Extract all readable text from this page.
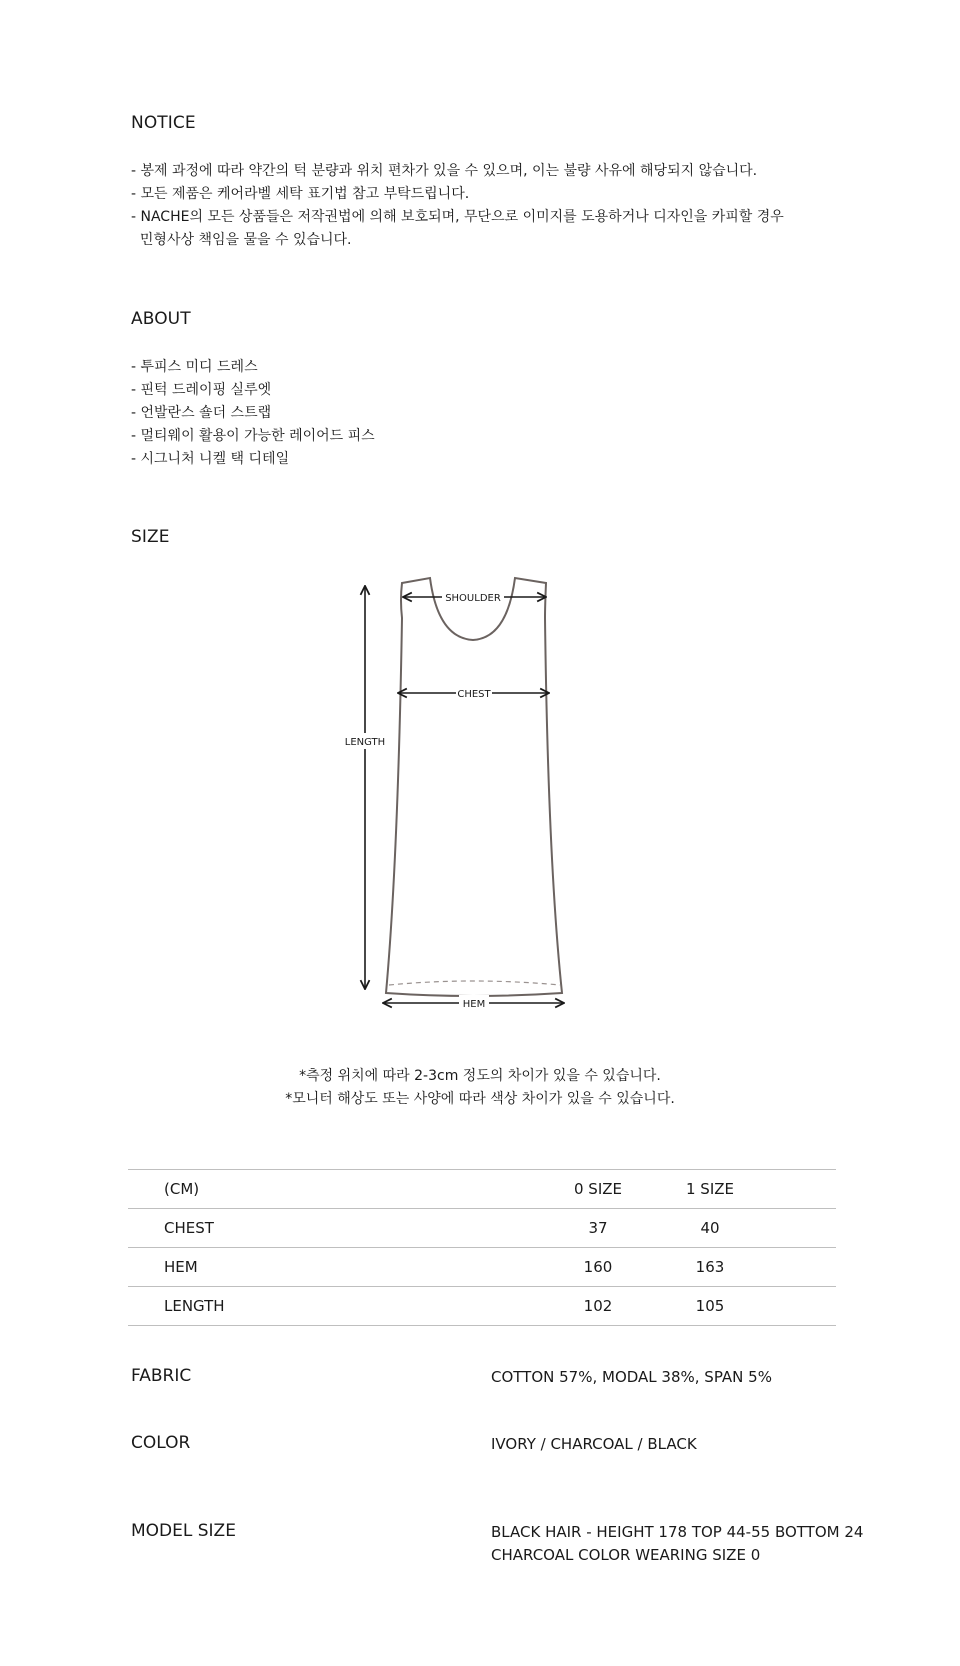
NOTICE
- 봉제 과정에 따라 약간의 턱 분량과 위치 편차가 있을 수 있으며, 이는 불량 사유에 해당되지 않습니다.
- 모든 제품은 케어라벨 세탁 표기법 참고 부탁드립니다.
- NACHE의 모든 상품들은 저작권법에 의해 보호되며, 무단으로 이미지를 도용하거나 디자인을 카피할 경우
민형사상 책임을 물을 수 있습니다.
ABOUT
- 투피스 미디 드레스
- 핀턱 드레이핑 실루엣
- 언발란스 숄더 스트랩
- 멀티웨이 활용이 가능한 레이어드 피스
- 시그니처 니켈 택 디테일
SIZE
LENGTH
SHOULDER
CHEST
HEM
*측정 위치에 따라 2-3cm 정도의 차이가 있을 수 있습니다.
*모니터 해상도 또는 사양에 따라 색상 차이가 있을 수 있습니다.
(CM)	0 SIZE	1 SIZE	
CHEST	37	40	
HEM	160	163	
LENGTH	102	105	
FABRIC	COTTON 57%, MODAL 38%, SPAN 5%
COLOR	IVORY / CHARCOAL / BLACK
MODEL SIZE	BLACK HAIR - HEIGHT 178 TOP 44-55 BOTTOM 24
CHARCOAL COLOR WEARING SIZE 0
